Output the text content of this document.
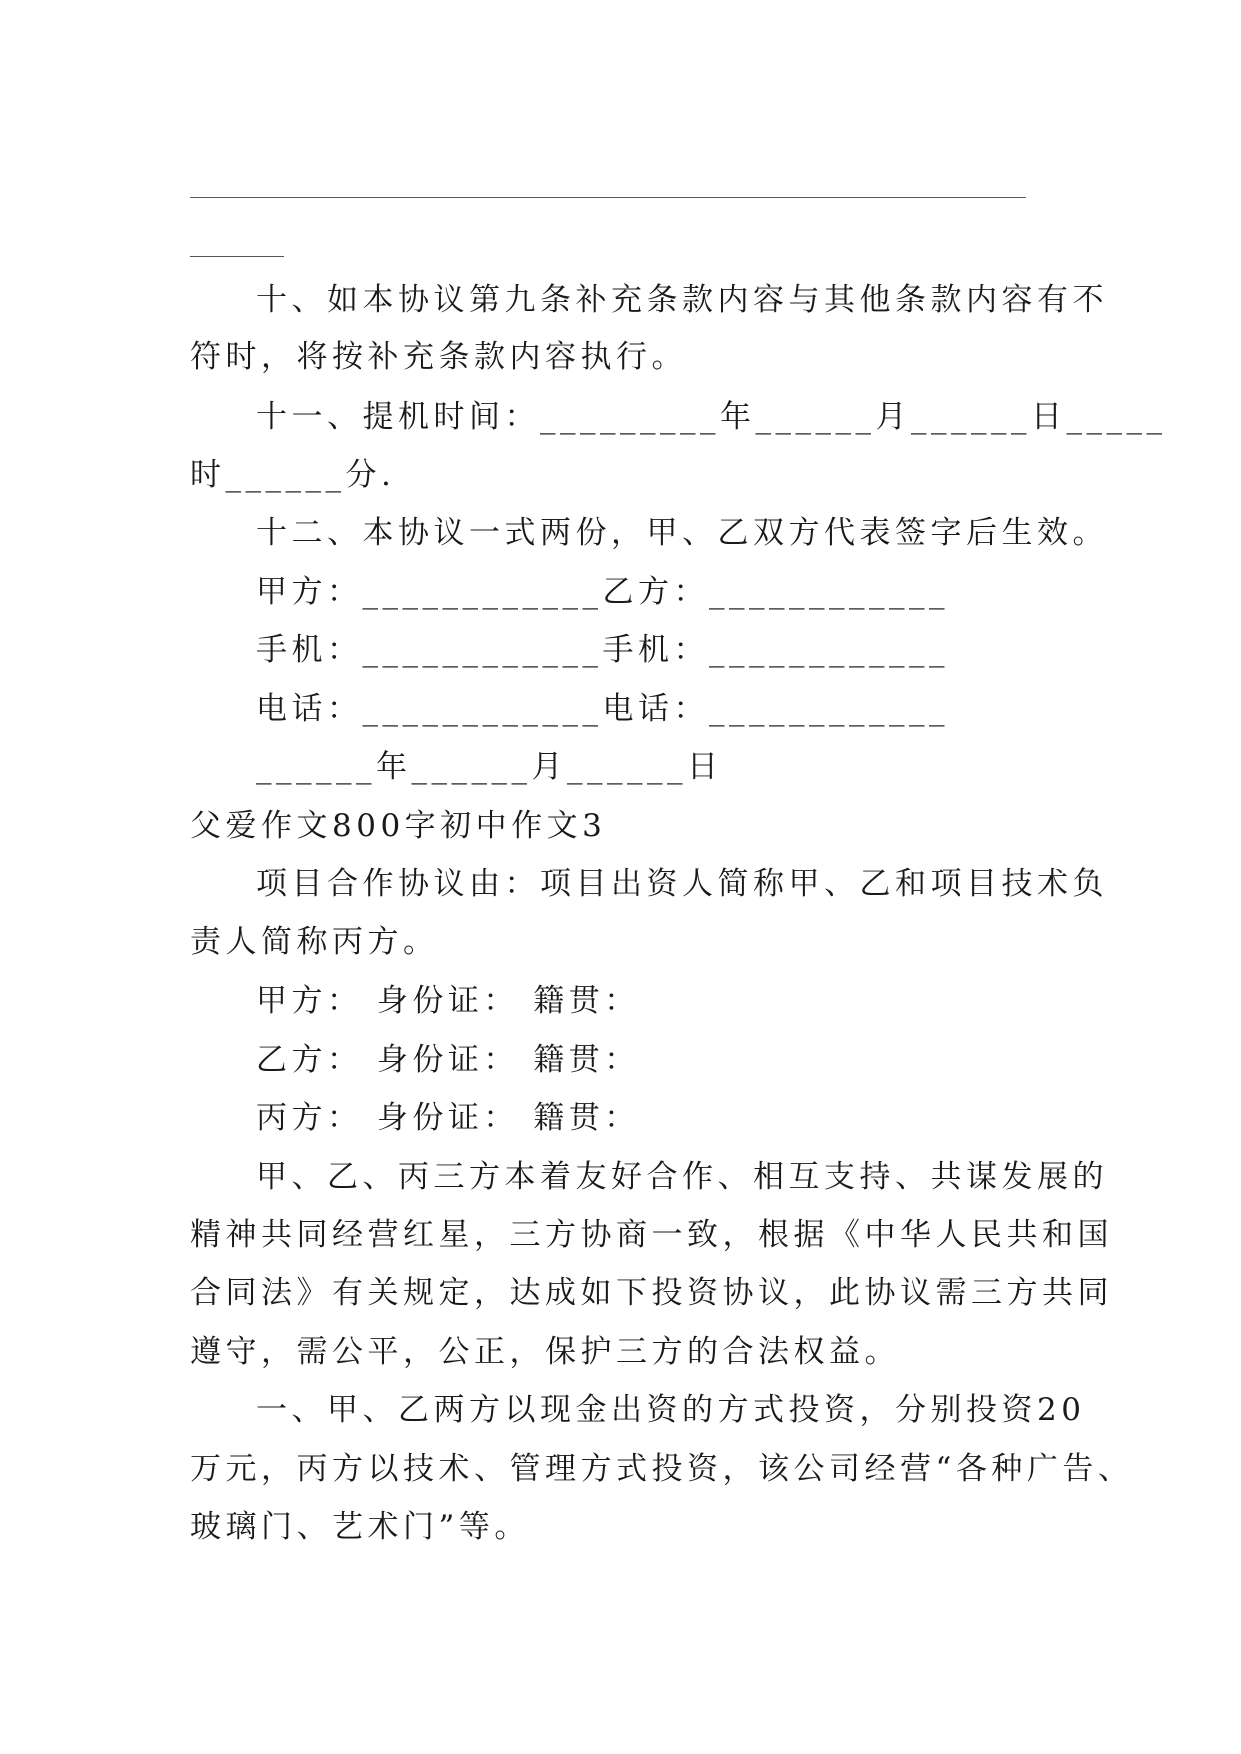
十、如本协议第九条补充条款内容与其他条款内容有不
符时，将按补充条款内容执行。
十一、提机时间：_________年______月______日_____
时______分.
十二、本协议一式两份，甲、乙双方代表签字后生效。
甲方：____________乙方：____________
手机：____________手机：____________
电话：____________电话：____________
______年______月______日
父爱作文800字初中作文3
项目合作协议由：项目出资人简称甲、乙和项目技术负
责人简称丙方。
甲方： 身份证： 籍贯：
乙方： 身份证： 籍贯：
丙方： 身份证： 籍贯：
甲、乙、丙三方本着友好合作、相互支持、共谋发展的
精神共同经营红星，三方协商一致，根据《中华人民共和国
合同法》有关规定，达成如下投资协议，此协议需三方共同
遵守，需公平，公正，保护三方的合法权益。
一、甲、乙两方以现金出资的方式投资，分别投资20
万元，丙方以技术、管理方式投资，该公司经营“各种广告、
玻璃门、艺术门”等。
